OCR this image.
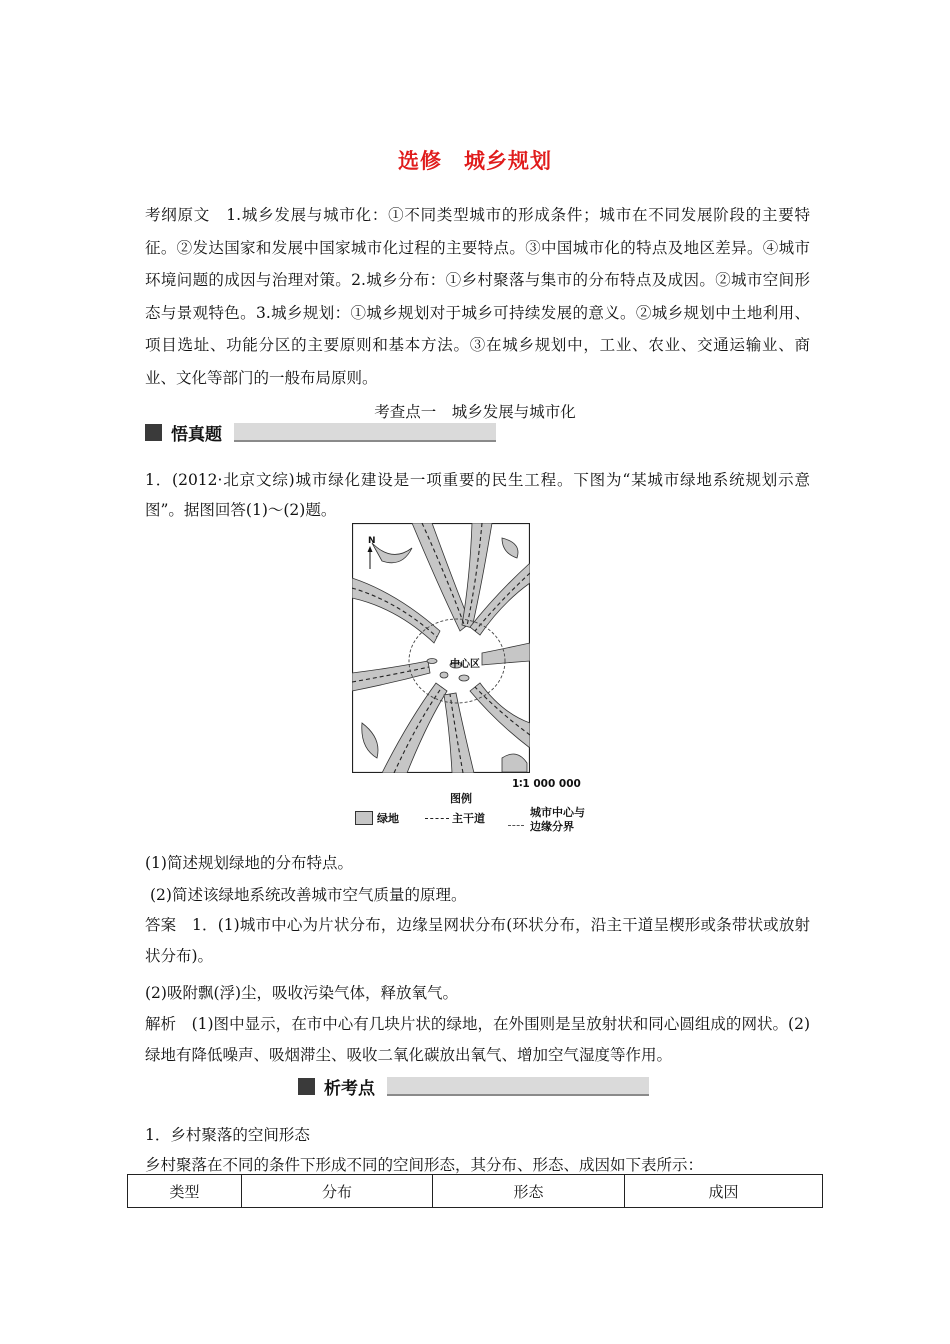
选修　城乡规划
考纲原文　1.城乡发展与城市化：①不同类型城市的形成条件；城市在不同发展阶段的主要特征。②发达国家和发展中国家城市化过程的主要特点。③中国城市化的特点及地区差异。④城市环境问题的成因与治理对策。2.城乡分布：①乡村聚落与集市的分布特点及成因。②城市空间形态与景观特色。3.城乡规划：①城乡规划对于城乡可持续发展的意义。②城乡规划中土地利用、项目选址、功能分区的主要原则和基本方法。③在城乡规划中，工业、农业、交通运输业、商业、文化等部门的一般布局原则。
考查点一　城乡发展与城市化
悟真题
1．(2012·北京文综)城市绿化建设是一项重要的民生工程。下图为“某城市绿地系统规划示意图”。据图回答(1)～(2)题。
N
中心区
1∶1 000 000
图例
绿地	主干道	城市中心与
边缘分界
(1)简述规划绿地的分布特点。
(2)简述该绿地系统改善城市空气质量的原理。
答案　1．(1)城市中心为片状分布，边缘呈网状分布(环状分布，沿主干道呈楔形或条带状或放射状分布)。
(2)吸附飘(浮)尘，吸收污染气体，释放氧气。
解析　(1)图中显示，在市中心有几块片状的绿地，在外围则是呈放射状和同心圆组成的网状。(2)绿地有降低噪声、吸烟滞尘、吸收二氧化碳放出氧气、增加空气湿度等作用。
析考点
1．乡村聚落的空间形态
乡村聚落在不同的条件下形成不同的空间形态，其分布、形态、成因如下表所示：
类型	分布	形态	成因
